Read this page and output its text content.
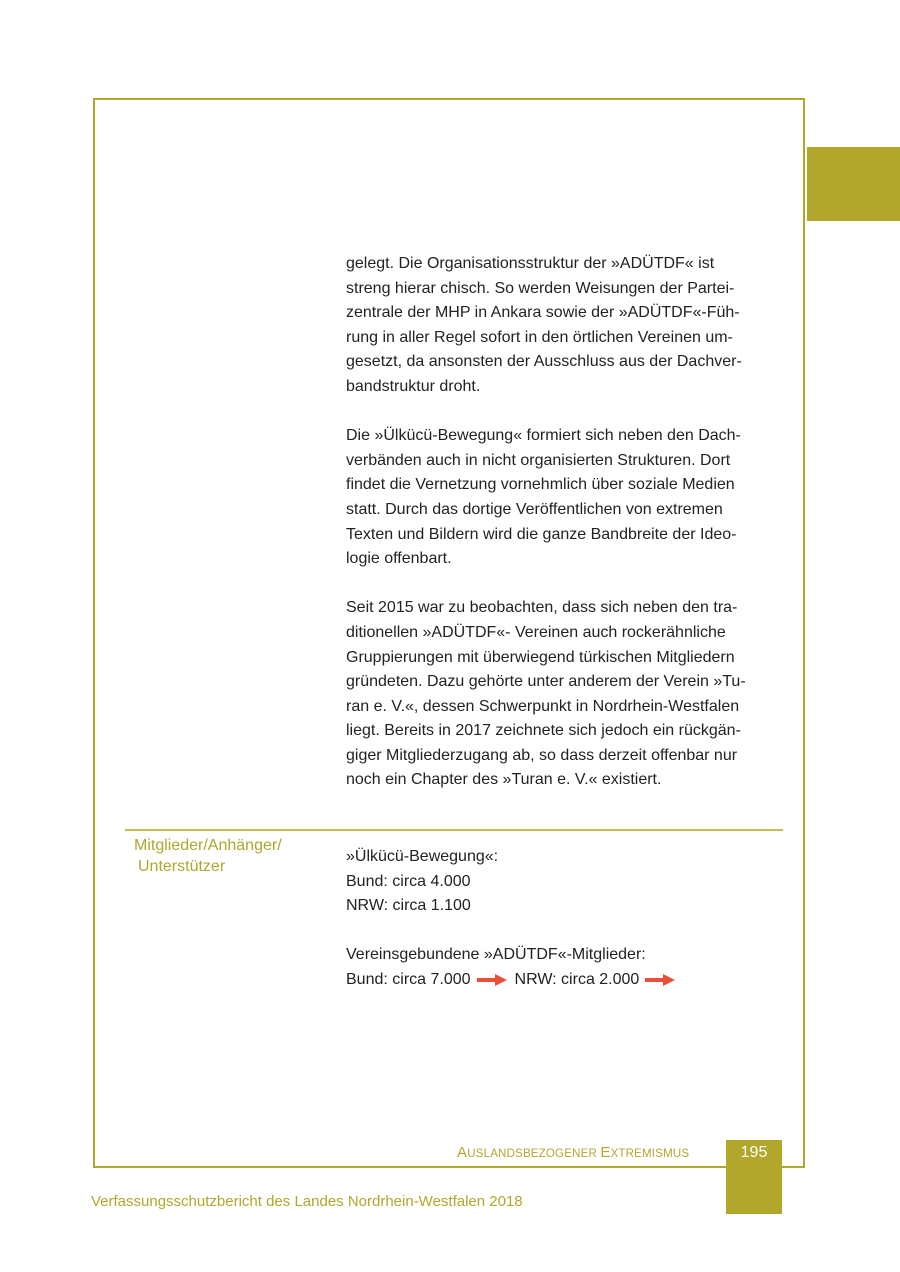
gelegt. Die Organisationsstruktur der »ADÜTDF« ist
streng hierar chisch. So werden Weisungen der Partei-
zentrale der MHP in Ankara sowie der »ADÜTDF«-Füh-
rung in aller Regel sofort in den örtlichen Vereinen um-
gesetzt, da ansonsten der Ausschluss aus der Dachver-
bandstruktur droht.

Die »Ülkücü-Bewegung« formiert sich neben den Dach-
verbänden auch in nicht organisierten Strukturen. Dort
findet die Vernetzung vornehmlich über soziale Medien
statt. Durch das dortige Veröffentlichen von extremen
Texten und Bildern wird die ganze Bandbreite der Ideo-
logie offenbart.

Seit 2015 war zu beobachten, dass sich neben den tra-
ditionellen »ADÜTDF«- Vereinen auch rockerähnliche
Gruppierungen mit überwiegend türkischen Mitgliedern
gründeten. Dazu gehörte unter anderem der Verein »Tu-
ran e. V.«, dessen Schwerpunkt in Nordrhein-Westfalen
liegt. Bereits in 2017 zeichnete sich jedoch ein rückgän-
giger Mitgliederzugang ab, so dass derzeit offenbar nur
noch ein Chapter des »Turan e. V.« existiert.

Mitglieder/Anhänger/
Unterstützer
»Ülkücü-Bewegung«:
Bund: circa 4.000
NRW: circa 1.100
Vereinsgebundene »ADÜTDF«-Mitglieder:
Bund: circa 7.000	NRW: circa 2.000
AUSLANDSBEZOGENER EXTREMISMUS	195
Verfassungsschutzbericht des Landes Nordrhein-Westfalen 2018
